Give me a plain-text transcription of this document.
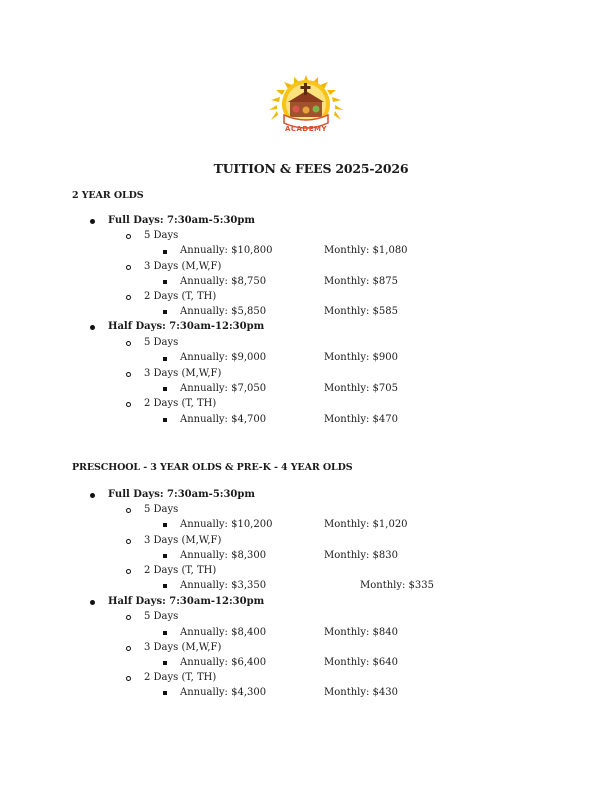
ACADEMY
TUITION & FEES 2025-2026
2 YEAR OLDS
Full Days: 7:30am-5:30pm
5 Days
Annually: $10,800	Monthly: $1,080
3 Days (M,W,F)
Annually: $8,750	Monthly: $875
2 Days (T, TH)
Annually: $5,850	Monthly: $585
Half Days: 7:30am-12:30pm
5 Days
Annually: $9,000	Monthly: $900
3 Days (M,W,F)
Annually: $7,050	Monthly: $705
2 Days (T, TH)
Annually: $4,700	Monthly: $470
PRESCHOOL - 3 YEAR OLDS & PRE-K - 4 YEAR OLDS
Full Days: 7:30am-5:30pm
5 Days
Annually: $10,200	Monthly: $1,020
3 Days (M,W,F)
Annually: $8,300	Monthly: $830
2 Days (T, TH)
Annually: $3,350	Monthly: $335
Half Days: 7:30am-12:30pm
5 Days
Annually: $8,400	Monthly: $840
3 Days (M,W,F)
Annually: $6,400	Monthly: $640
2 Days (T, TH)
Annually: $4,300	Monthly: $430
